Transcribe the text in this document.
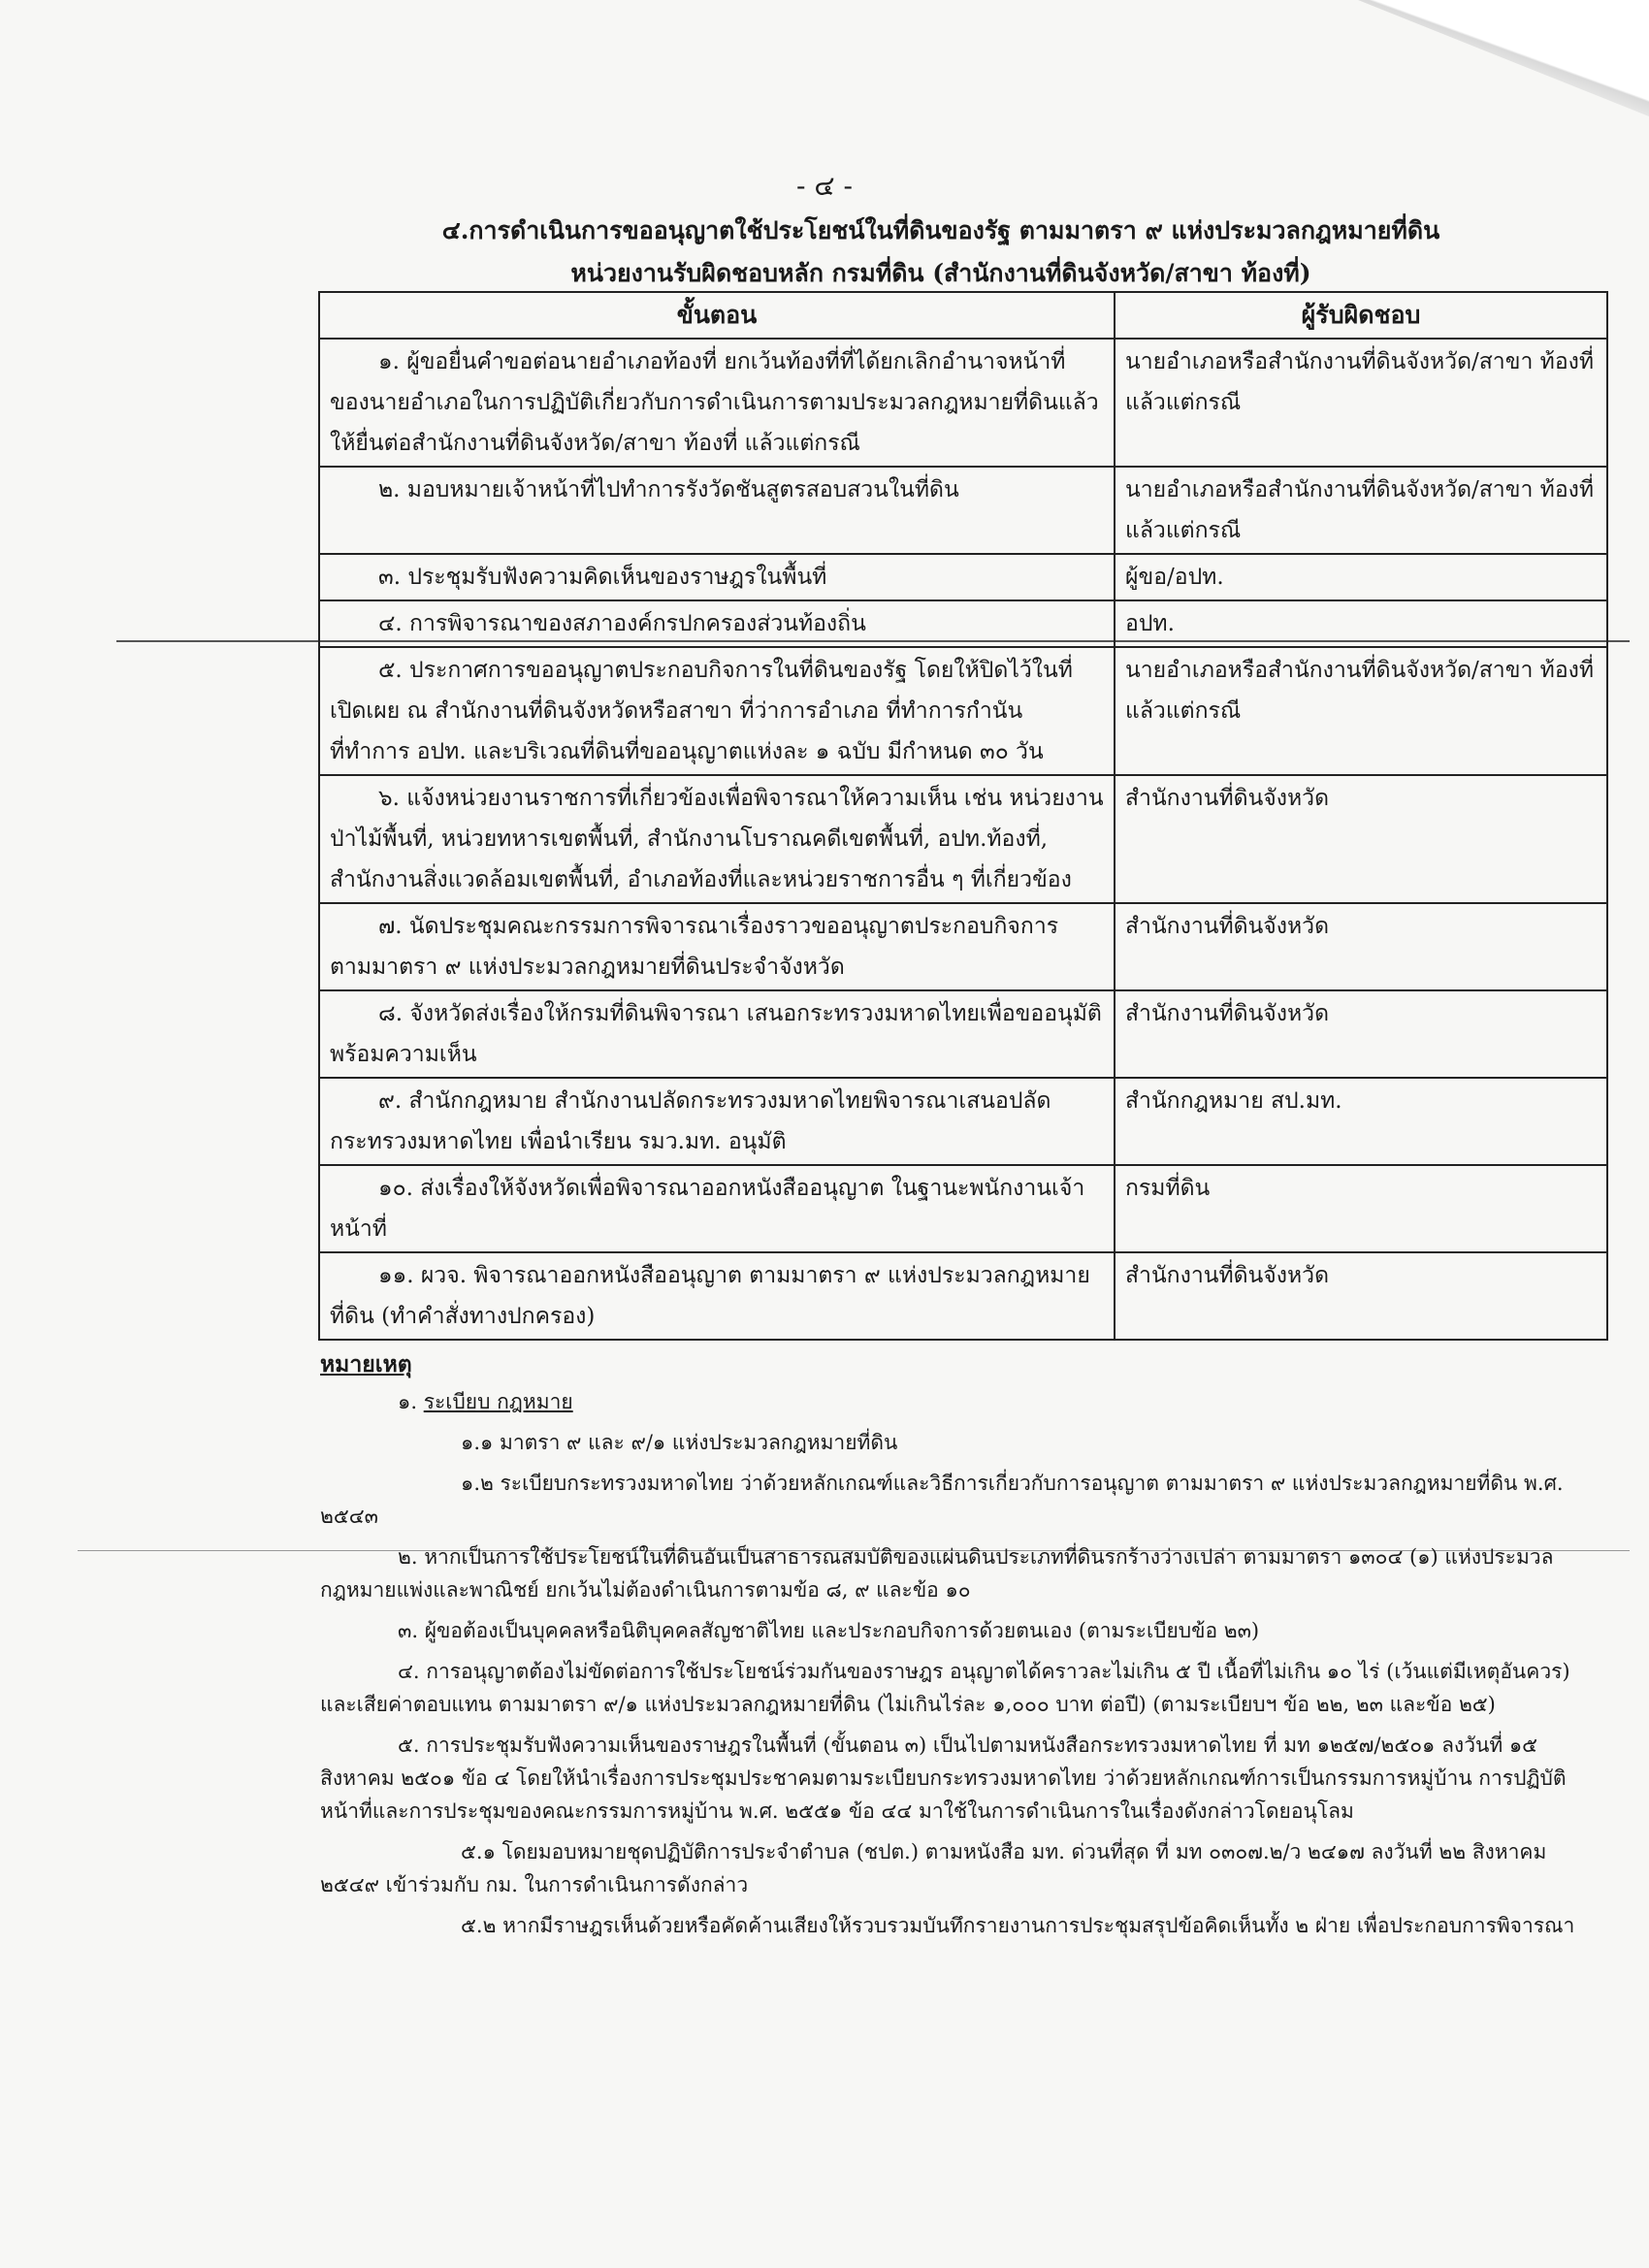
- ๔ -
๔.การดำเนินการขออนุญาตใช้ประโยชน์ในที่ดินของรัฐ ตามมาตรา ๙ แห่งประมวลกฎหมายที่ดิน
หน่วยงานรับผิดชอบหลัก กรมที่ดิน (สำนักงานที่ดินจังหวัด/สาขา ท้องที่)
ขั้นตอน	ผู้รับผิดชอบ
๑. ผู้ขอยื่นคำขอต่อนายอำเภอท้องที่ ยกเว้นท้องที่ที่ได้ยกเลิกอำนาจหน้าที่ของนายอำเภอในการปฏิบัติเกี่ยวกับการดำเนินการตามประมวลกฎหมายที่ดินแล้ว ให้ยื่นต่อสำนักงานที่ดินจังหวัด/สาขา ท้องที่ แล้วแต่กรณี	นายอำเภอหรือสำนักงานที่ดินจังหวัด/สาขา ท้องที่ แล้วแต่กรณี
๒. มอบหมายเจ้าหน้าที่ไปทำการรังวัดชันสูตรสอบสวนในที่ดิน	นายอำเภอหรือสำนักงานที่ดินจังหวัด/สาขา ท้องที่ แล้วแต่กรณี
๓. ประชุมรับฟังความคิดเห็นของราษฎรในพื้นที่	ผู้ขอ/อปท.
๔. การพิจารณาของสภาองค์กรปกครองส่วนท้องถิ่น	อปท.
๕. ประกาศการขออนุญาตประกอบกิจการในที่ดินของรัฐ โดยให้ปิดไว้ในที่เปิดเผย ณ สำนักงานที่ดินจังหวัดหรือสาขา ที่ว่าการอำเภอ ที่ทำการกำนัน ที่ทำการ อปท. และบริเวณที่ดินที่ขออนุญาตแห่งละ ๑ ฉบับ มีกำหนด ๓๐ วัน	นายอำเภอหรือสำนักงานที่ดินจังหวัด/สาขา ท้องที่ แล้วแต่กรณี
๖. แจ้งหน่วยงานราชการที่เกี่ยวข้องเพื่อพิจารณาให้ความเห็น เช่น หน่วยงานป่าไม้พื้นที่, หน่วยทหารเขตพื้นที่, สำนักงานโบราณคดีเขตพื้นที่, อปท.ท้องที่, สำนักงานสิ่งแวดล้อมเขตพื้นที่, อำเภอท้องที่และหน่วยราชการอื่น ๆ ที่เกี่ยวข้อง	สำนักงานที่ดินจังหวัด
๗. นัดประชุมคณะกรรมการพิจารณาเรื่องราวขออนุญาตประกอบกิจการ ตามมาตรา ๙ แห่งประมวลกฎหมายที่ดินประจำจังหวัด	สำนักงานที่ดินจังหวัด
๘. จังหวัดส่งเรื่องให้กรมที่ดินพิจารณา เสนอกระทรวงมหาดไทยเพื่อขออนุมัติ พร้อมความเห็น	สำนักงานที่ดินจังหวัด
๙. สำนักกฎหมาย สำนักงานปลัดกระทรวงมหาดไทยพิจารณาเสนอปลัดกระทรวงมหาดไทย เพื่อนำเรียน รมว.มท. อนุมัติ	สำนักกฎหมาย สป.มท.
๑๐. ส่งเรื่องให้จังหวัดเพื่อพิจารณาออกหนังสืออนุญาต ในฐานะพนักงานเจ้าหน้าที่	กรมที่ดิน
๑๑. ผวจ. พิจารณาออกหนังสืออนุญาต ตามมาตรา ๙ แห่งประมวลกฎหมายที่ดิน (ทำคำสั่งทางปกครอง)	สำนักงานที่ดินจังหวัด
หมายเหตุ

๑. ระเบียบ กฎหมาย

๑.๑ มาตรา ๙ และ ๙/๑ แห่งประมวลกฎหมายที่ดิน

๑.๒ ระเบียบกระทรวงมหาดไทย ว่าด้วยหลักเกณฑ์และวิธีการเกี่ยวกับการอนุญาต ตามมาตรา ๙ แห่งประมวลกฎหมายที่ดิน พ.ศ. ๒๕๔๓

๒. หากเป็นการใช้ประโยชน์ในที่ดินอันเป็นสาธารณสมบัติของแผ่นดินประเภทที่ดินรกร้างว่างเปล่า ตามมาตรา ๑๓๐๔ (๑) แห่งประมวลกฎหมายแพ่งและพาณิชย์ ยกเว้นไม่ต้องดำเนินการตามข้อ ๘, ๙ และข้อ ๑๐

๓. ผู้ขอต้องเป็นบุคคลหรือนิติบุคคลสัญชาติไทย และประกอบกิจการด้วยตนเอง (ตามระเบียบข้อ ๒๓)

๔. การอนุญาตต้องไม่ขัดต่อการใช้ประโยชน์ร่วมกันของราษฎร อนุญาตได้คราวละไม่เกิน ๕ ปี เนื้อที่ไม่เกิน ๑๐ ไร่ (เว้นแต่มีเหตุอันควร) และเสียค่าตอบแทน ตามมาตรา ๙/๑ แห่งประมวลกฎหมายที่ดิน (ไม่เกินไร่ละ ๑,๐๐๐ บาท ต่อปี) (ตามระเบียบฯ ข้อ ๒๒, ๒๓ และข้อ ๒๕)

๕. การประชุมรับฟังความเห็นของราษฎรในพื้นที่ (ขั้นตอน ๓) เป็นไปตามหนังสือกระทรวงมหาดไทย ที่ มท ๑๒๕๗/๒๕๐๑ ลงวันที่ ๑๕ สิงหาคม ๒๕๐๑ ข้อ ๔ โดยให้นำเรื่องการประชุมประชาคมตามระเบียบกระทรวงมหาดไทย ว่าด้วยหลักเกณฑ์การเป็นกรรมการหมู่บ้าน การปฏิบัติหน้าที่และการประชุมของคณะกรรมการหมู่บ้าน พ.ศ. ๒๕๕๑ ข้อ ๔๔ มาใช้ในการดำเนินการในเรื่องดังกล่าวโดยอนุโลม

๕.๑ โดยมอบหมายชุดปฏิบัติการประจำตำบล (ชปต.) ตามหนังสือ มท. ด่วนที่สุด ที่ มท ๐๓๐๗.๒/ว ๒๔๑๗ ลงวันที่ ๒๒ สิงหาคม ๒๕๔๙ เข้าร่วมกับ กม. ในการดำเนินการดังกล่าว

๕.๒ หากมีราษฎรเห็นด้วยหรือคัดค้านเสียงให้รวบรวมบันทึกรายงานการประชุมสรุปข้อคิดเห็นทั้ง ๒ ฝ่าย เพื่อประกอบการพิจารณา
